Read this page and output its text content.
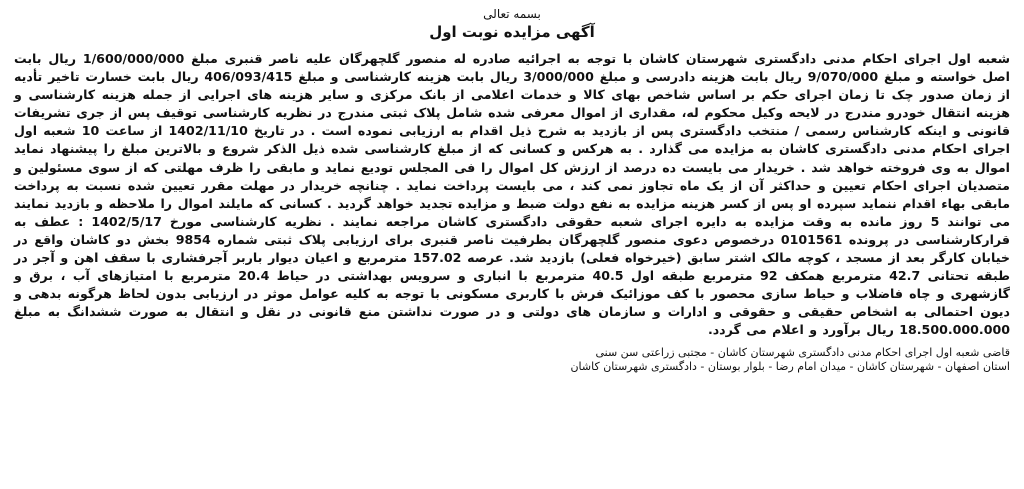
بسمه تعالی
آگهی مزایده نوبت اول
شعبه اول اجرای احکام مدنی دادگستری شهرستان کاشان با توجه به اجرائیه صادره له منصور گلچهرگان علیه ناصر قنبری مبلغ 1/600/000/000 ریال بابت اصل خواسته و مبلغ 9/070/000 ریال بابت هزینه دادرسی و مبلغ 3/000/000 ریال بابت هزینه کارشناسی و مبلغ 406/093/415 ریال بابت خسارت تاخیر تأدیه از زمان صدور چک تا زمان اجرای حکم بر اساس شاخص بهای کالا و خدمات اعلامی از بانک مرکزی و سایر هزینه های اجرایی از جمله هزینه کارشناسی و هزینه انتقال خودرو مندرج در لایحه وکیل محکوم له، مقداری از اموال معرفی شده شامل پلاک ثبتی مندرج در نظریه کارشناسی توقیف پس از جری تشریفات قانونی و اینکه کارشناس رسمی / منتخب دادگستری پس از بازدید به شرح ذیل اقدام به ارزیابی نموده است . در تاریخ 1402/11/10 از ساعت 10 شعبه اول اجرای احکام مدنی دادگستری کاشان به مزایده می گذارد . به هرکس و کسانی که از مبلغ کارشناسی شده ذیل الذکر شروع و بالاترین مبلغ را پیشنهاد نماید اموال به وی فروخته خواهد شد . خریدار می بایست ده درصد از ارزش کل اموال را فی المجلس تودیع نماید و مابقی را ظرف مهلتی که از سوی مسئولین و متصدیان اجرای احکام تعیین و حداکثر آن از یک ماه تجاوز نمی کند ، می بایست پرداخت نماید . چنانچه خریدار در مهلت مقرر تعیین شده نسبت به پرداخت مابقی بهاء اقدام ننماید سپرده او پس از کسر هزینه مزایده به نفع دولت ضبط و مزایده تجدید خواهد گردید . کسانی که مایلند اموال را ملاحظه و بازدید نمایند می توانند 5 روز مانده به وقت مزایده به دایره اجرای شعبه حقوقی دادگستری کاشان مراجعه نمایند . نظریه کارشناسی مورخ 1402/5/17 : عطف به قرارکارشناسی در پرونده 0101561 درخصوص دعوی منصور گلچهرگان بطرفیت ناصر قنبری برای ارزیابی پلاک ثبتی شماره 9854 بخش دو کاشان واقع در خیابان کارگر بعد از مسجد ، کوچه مالک اشتر سابق (خیرخواه فعلی) بازدید شد. عرصه 157.02 مترمربع و اعیان دیوار باربر آجرفشاری با سقف اهن و آجر در طبقه تحتانی 42.7 مترمربع همکف 92 مترمربع طبقه اول 40.5 مترمربع با انباری و سرویس بهداشتی در حیاط 20.4 مترمربع با امتیازهای آب ، برق و گازشهری و چاه فاضلاب و حیاط سازی محصور با کف موزائیک فرش با کاربری مسکونی با توجه به کلیه عوامل موثر در ارزیابی بدون لحاظ هرگونه بدهی و دیون احتمالی به اشخاص حقیقی و حقوقی و ادارات و سازمان های دولتی و در صورت نداشتن منع قانونی در نقل و انتقال به صورت ششدانگ به مبلغ 18.500.000.000 ریال برآورد و اعلام می گردد.
قاضی شعبه اول اجرای احکام مدنی دادگستری شهرستان کاشان - مجتبی زراعتی سن سنی
استان اصفهان - شهرستان کاشان - میدان امام رضا - بلوار بوستان - دادگستری شهرستان کاشان
